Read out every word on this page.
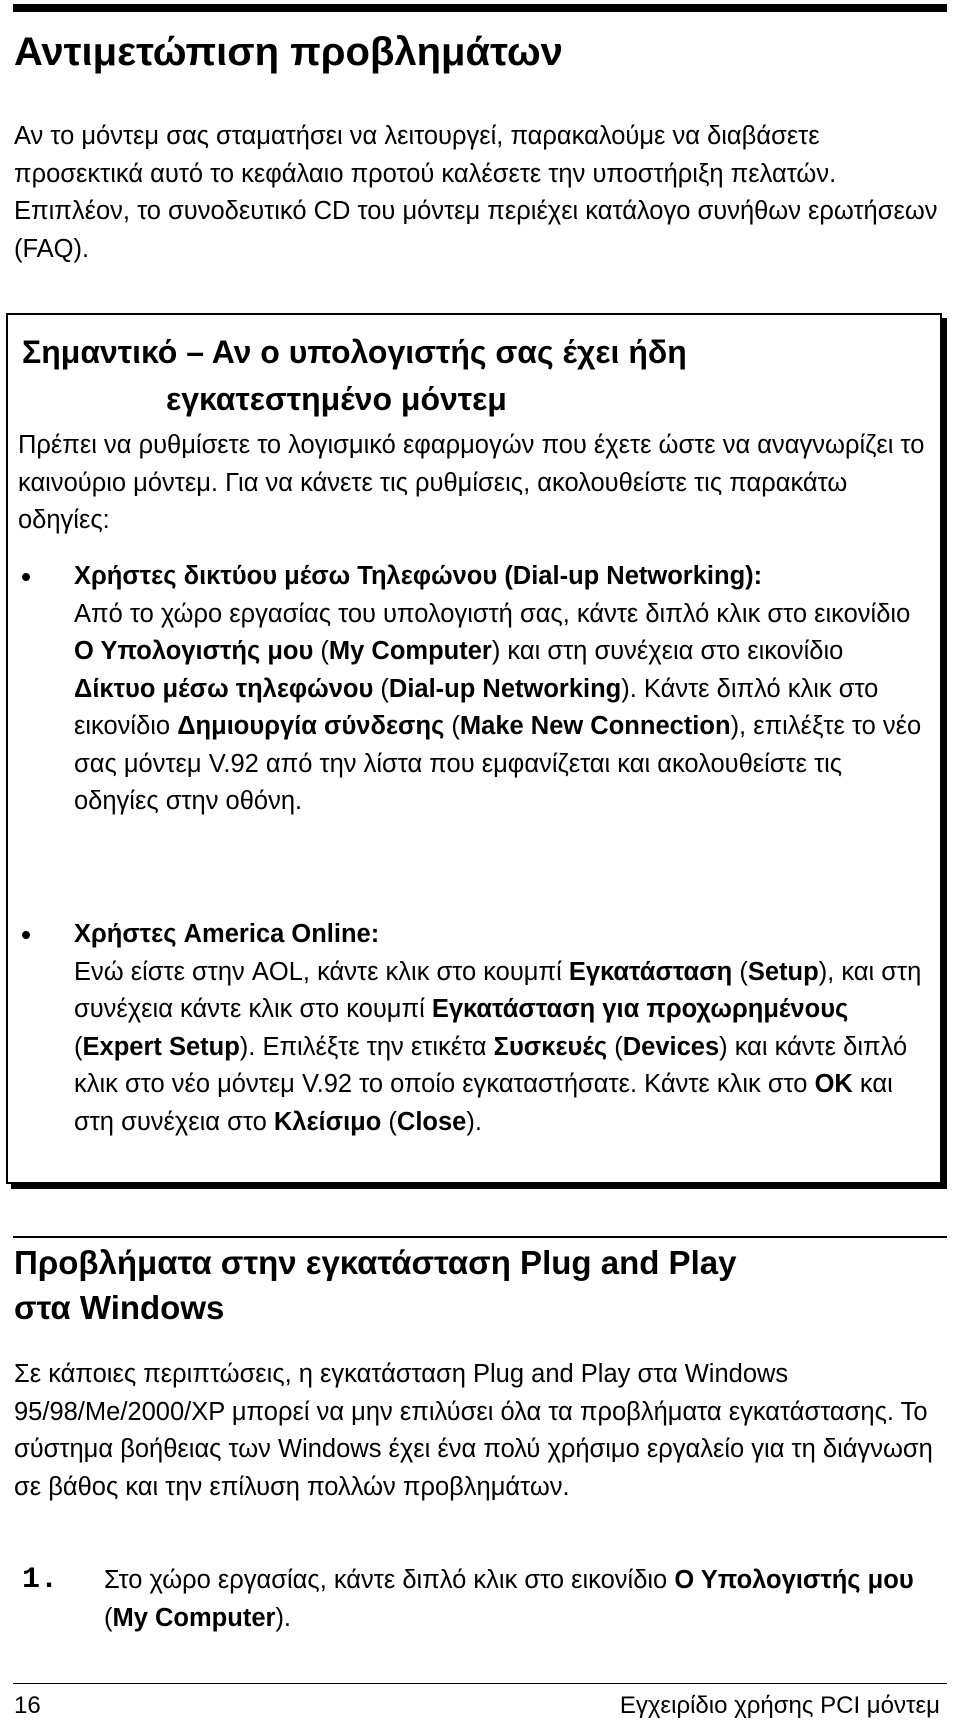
Αντιμετώπιση προβλημάτων

Αν το μόντεμ σας σταματήσει να λειτουργεί, παρακαλούμε να διαβάσετε προσεκτικά αυτό το κεφάλαιο προτού καλέσετε την υποστήριξη πελατών. Επιπλέον, το συνοδευτικό CD του μόντεμ περιέχει κατάλογο συνήθων ερωτήσεων (FAQ).

Σημαντικό – Αν ο υπολογιστής σας έχει ήδη
εγκατεστημένο μόντεμ

Πρέπει να ρυθμίσετε το λογισμικό εφαρμογών που έχετε ώστε να αναγνωρίζει το καινούριο μόντεμ. Για να κάνετε τις ρυθμίσεις, ακολουθείστε τις παρακάτω οδηγίες:

Χρήστες δικτύου μέσω Τηλεφώνου (Dial-up Networking):
Από το χώρο εργασίας του υπολογιστή σας, κάντε διπλό κλικ στο εικονίδιο Ο Υπολογιστής μου (My Computer) και στη συνέχεια στο εικονίδιο Δίκτυο μέσω τηλεφώνου (Dial-up Networking). Κάντε διπλό κλικ στο εικονίδιο Δημιουργία σύνδεσης (Make New Connection), επιλέξτε το νέο σας μόντεμ V.92 από την λίστα που εμφανίζεται και ακολουθείστε τις οδηγίες στην οθόνη.
Χρήστες America Online:
Ενώ είστε στην AOL, κάντε κλικ στο κουμπί Εγκατάσταση (Setup), και στη συνέχεια κάντε κλικ στο κουμπί Εγκατάσταση για προχωρημένους (Expert Setup). Επιλέξτε την ετικέτα Συσκευές (Devices) και κάντε διπλό κλικ στο νέο μόντεμ V.92 το οποίο εγκαταστήσατε. Κάντε κλικ στο OK και στη συνέχεια στο Κλείσιμο (Close).
Προβλήματα στην εγκατάσταση Plug and Play
στα Windows

Σε κάποιες περιπτώσεις, η εγκατάσταση Plug and Play στα Windows 95/98/Me/2000/XP μπορεί να μην επιλύσει όλα τα προβλήματα εγκατάστασης. Το σύστημα βοήθειας των Windows έχει ένα πολύ χρήσιμο εργαλείο για τη διάγνωση σε βάθος και την επίλυση πολλών προβλημάτων.

1. Στο χώρο εργασίας, κάντε διπλό κλικ στο εικονίδιο Ο Υπολογιστής μου (My Computer).
16	Εγχειρίδιο χρήσης PCI μόντεμ
